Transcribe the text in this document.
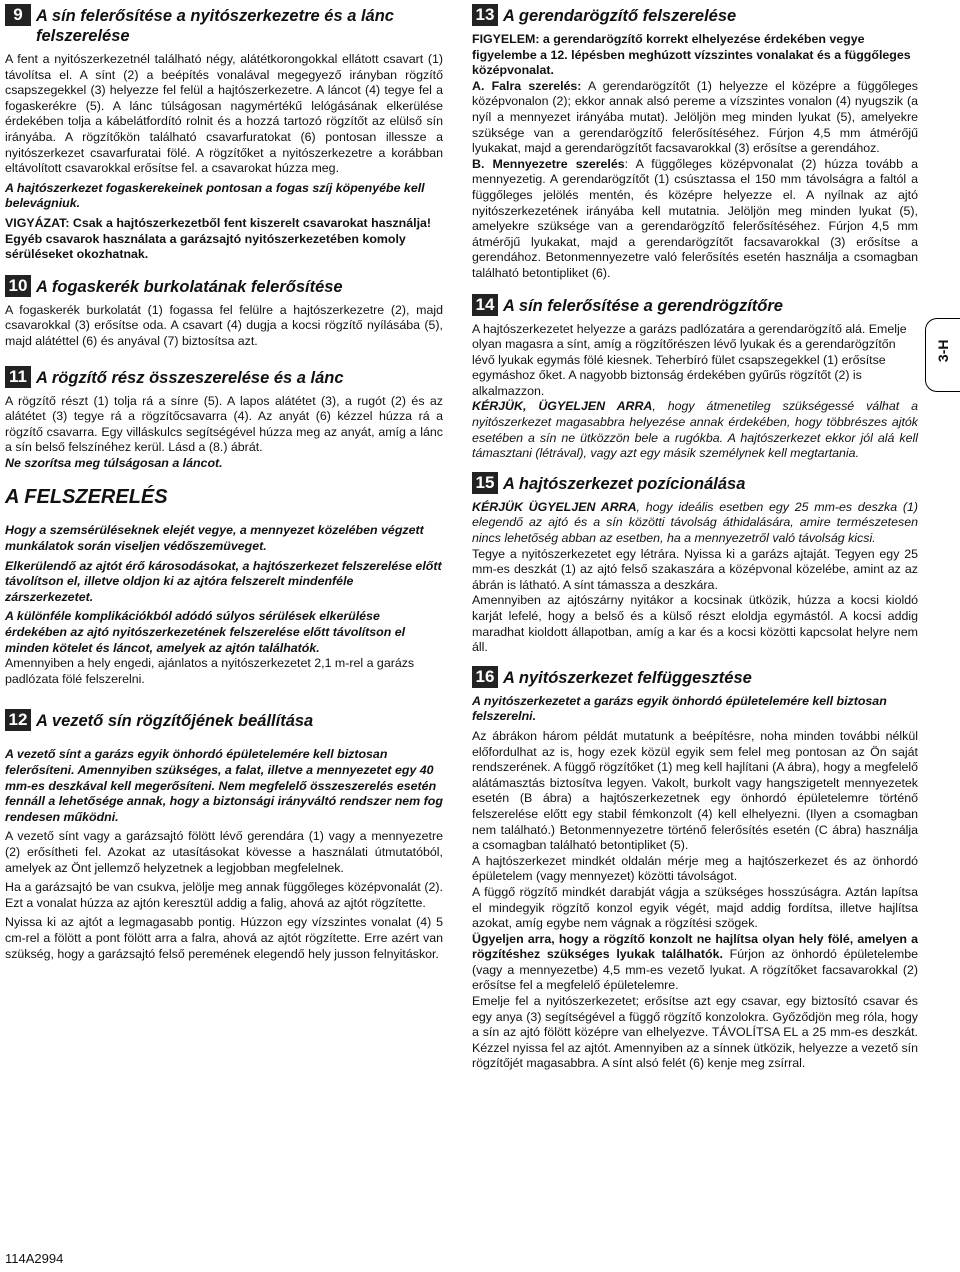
9 A sín felerősítése a nyitószerkezetre és a lánc felszerelése

A fent a nyitószerkezetnél található négy, alátétkorongokkal ellátott csavart (1) távolítsa el. A sínt (2) a beépítés vonalával megegyező irányban rögzítő csapszegekkel (3) helyezze fel felül a hajtószerkezetre. A láncot (4) tegye fel a fogaskerékre (5). A lánc túlságosan nagymértékű lelógásának elkerülése érdekében tolja a kábelátfordító rolnit és a hozzá tartozó rögzítőt az elülső sín irányába. A rögzítőkön található csavarfuratokat (6) pontosan illessze a nyitószerkezet csavarfuratai fölé. A rögzítőket a nyitószerkezetre a korábban eltávolított csavarokkal erősítse fel. a csavarokat húzza meg.

A hajtószerkezet fogaskerekeinek pontosan a fogas szíj köpenyébe kell belevágniuk.

VIGYÁZAT: Csak a hajtószerkezetből fent kiszerelt csavarokat használja! Egyéb csavarok használata a garázsajtó nyitószerkezetében komoly sérüléseket okozhatnak.

10 A fogaskerék burkolatának felerősítése

A fogaskerék burkolatát (1) fogassa fel felülre a hajtószerkezetre (2), majd csavarokkal (3) erősítse oda. A csavart (4) dugja a kocsi rögzítő nyílásába (5), majd alátéttel (6) és anyával (7) biztosítsa azt.

11 A rögzítő rész összeszerelése és a lánc

A rögzítő részt (1) tolja rá a sínre (5). A lapos alátétet (3), a rugót (2) és az alátétet (3) tegye rá a rögzítőcsavarra (4). Az anyát (6) kézzel húzza rá a rögzítő csavarra. Egy villáskulcs segítségével húzza meg az anyát, amíg a lánc a sín belső felszínéhez kerül. Lásd a (8.) ábrát.

Ne szorítsa meg túlságosan a láncot.

A FELSZERELÉS

Hogy a szemsérüléseknek elejét vegye, a mennyezet közelében végzett munkálatok során viseljen védőszemüveget.

Elkerülendő az ajtót érő károsodásokat, a hajtószerkezet felszerelése előtt távolítson el, illetve oldjon ki az ajtóra felszerelt mindenféle zárszerkezetet.

A különféle komplikációkból adódó súlyos sérülések elkerülése érdekében az ajtó nyitószerkezetének felszerelése előtt távolítson el minden kötelet és láncot, amelyek az ajtón találhatók.

Amennyiben a hely engedi, ajánlatos a nyitószerkezetet 2,1 m-rel a garázs padlózata fölé felszerelni.

12 A vezető sín rögzítőjének beállítása

A vezető sínt a garázs egyik önhordó épületelemére kell biztosan felerősíteni. Amennyiben szükséges, a falat, illetve a mennyezetet egy 40 mm-es deszkával kell megerősíteni. Nem megfelelő összeszerelés esetén fennáll a lehetősége annak, hogy a biztonsági irányváltó rendszer nem fog rendesen működni.

A vezető sínt vagy a garázsajtó fölött lévő gerendára (1) vagy a mennyezetre (2) erősítheti fel. Azokat az utasításokat kövesse a használati útmutatóból, amelyek az Önt jellemző helyzetnek a legjobban megfelelnek.

Ha a garázsajtó be van csukva, jelölje meg annak függőleges középvonalát (2). Ezt a vonalat húzza az ajtón keresztül addig a falig, ahová az ajtót rögzítette.

Nyissa ki az ajtót a legmagasabb pontig. Húzzon egy vízszintes vonalat (4) 5 cm-rel a fölött a pont fölött arra a falra, ahová az ajtót rögzítette. Erre azért van szükség, hogy a garázsajtó felső peremének elegendő hely jusson felnyitáskor.

13 A gerendarögzítő felszerelése

FIGYELEM: a gerendarögzítő korrekt elhelyezése érdekében vegye figyelembe a 12. lépésben meghúzott vízszintes vonalakat és a függőleges középvonalat.

A. Falra szerelés: A gerendarögzítőt (1) helyezze el középre a függőleges középvonalon (2); ekkor annak alsó pereme a vízszintes vonalon (4) nyugszik (a nyíl a mennyezet irányába mutat). Jelöljön meg minden lyukat (5), amelyekre szüksége van a gerendarögzítő felerősítéséhez. Fúrjon 4,5 mm átmérőjű lyukakat, majd a gerendarögzítőt facsavarokkal (3) erősítse a gerendához.

B. Mennyezetre szerelés: A függőleges középvonalat (2) húzza tovább a mennyezetig. A gerendarögzítőt (1) csúsztassa el 150 mm távolságra a faltól a függőleges jelölés mentén, és középre helyezze el. A nyílnak az ajtó nyitószerkezetének irányába kell mutatnia. Jelöljön meg minden lyukat (5), amelyekre szüksége van a gerendarögzítő felerősítéséhez. Fúrjon 4,5 mm átmérőjű lyukakat, majd a gerendarögzítőt facsavarokkal (3) erősítse a gerendához. Betonmennyezetre való felerősítés esetén használja a csomagban található betontipliket (6).

14 A sín felerősítése a gerendrögzítőre

A hajtószerkezetet helyezze a garázs padlózatára a gerendarögzítő alá. Emelje olyan magasra a sínt, amíg a rögzítőrészen lévő lyukak és a gerendarögzítőn lévő lyukak egymás fölé kiesnek. Teherbíró fület csapszegekkel (1) erősítse egymáshoz őket. A nagyobb biztonság érdekében gyűrűs rögzítőt (2) is alkalmazzon.

KÉRJÜK, ÜGYELJEN ARRA, hogy átmenetileg szükségessé válhat a nyitószerkezet magasabbra helyezése annak érdekében, hogy többrészes ajtók esetében a sín ne ütközzön bele a rugókba. A hajtószerkezet ekkor jól alá kell támasztani (létrával), vagy azt egy másik személynek kell megtartania.

15 A hajtószerkezet pozícionálása

KÉRJÜK ÜGYELJEN ARRA, hogy ideális esetben egy 25 mm-es deszka (1) elegendő az ajtó és a sín közötti távolság áthidalására, amire természetesen nincs lehetőség abban az esetben, ha a mennyezetről való távolság kicsi.

Tegye a nyitószerkezetet egy létrára. Nyissa ki a garázs ajtaját. Tegyen egy 25 mm-es deszkát (1) az ajtó felső szakaszára a középvonal közelébe, amint az az ábrán is látható. A sínt támassza a deszkára.

Amennyiben az ajtószárny nyitákor a kocsinak ütközik, húzza a kocsi kioldó karját lefelé, hogy a belső és a külső részt eloldja egymástól. A kocsi addig maradhat kioldott állapotban, amíg a kar és a kocsi közötti kapcsolat helyre nem áll.

16 A nyitószerkezet felfüggesztése

A nyitószerkezetet a garázs egyik önhordó épületelemére kell biztosan felszerelni.

Az ábrákon három példát mutatunk a beépítésre, noha minden további nélkül előfordulhat az is, hogy ezek közül egyik sem felel meg pontosan az Ön saját rendszerének. A függő rögzítőket (1) meg kell hajlítani (A ábra), hogy a megfelelő alátámasztás biztosítva legyen. Vakolt, burkolt vagy hangszigetelt mennyezetek esetén (B ábra) a hajtószerkezetnek egy önhordó épületelemre történő felszerelése előtt egy stabil fémkonzolt (4) kell elhelyezni. (Ilyen a csomagban nem található.) Betonmennyezetre történő felerősítés esetén (C ábra) használja a csomagban található betontipliket (5).

A hajtószerkezet mindkét oldalán mérje meg a hajtószerkezet és az önhordó épületelem (vagy mennyezet) közötti távolságot.

A függő rögzítő mindkét darabját vágja a szükséges hosszúságra. Aztán lapítsa el mindegyik rögzítő konzol egyik végét, majd addig fordítsa, illetve hajlítsa azokat, amíg egybe nem vágnak a rögzítési szögek.

Ügyeljen arra, hogy a rögzítő konzolt ne hajlítsa olyan hely fölé, amelyen a rögzítéshez szükséges lyukak találhatók. Fúrjon az önhordó épületelembe (vagy a mennyezetbe) 4,5 mm-es vezető lyukat. A rögzítőket facsavarokkal (2) erősítse fel a megfelelő épületelemre.

Emelje fel a nyitószerkezetet; erősítse azt egy csavar, egy biztosító csavar és egy anya (3) segítségével a függő rögzítő konzolokra. Győződjön meg róla, hogy a sín az ajtó fölött középre van elhelyezve. TÁVOLÍTSA EL a 25 mm-es deszkát. Kézzel nyissa fel az ajtót. Amennyiben az a sínnek ütközik, helyezze a vezető sín rögzítőjét magasabbra. A sínt alsó felét (6) kenje meg zsírral.

3-H
114A2994
